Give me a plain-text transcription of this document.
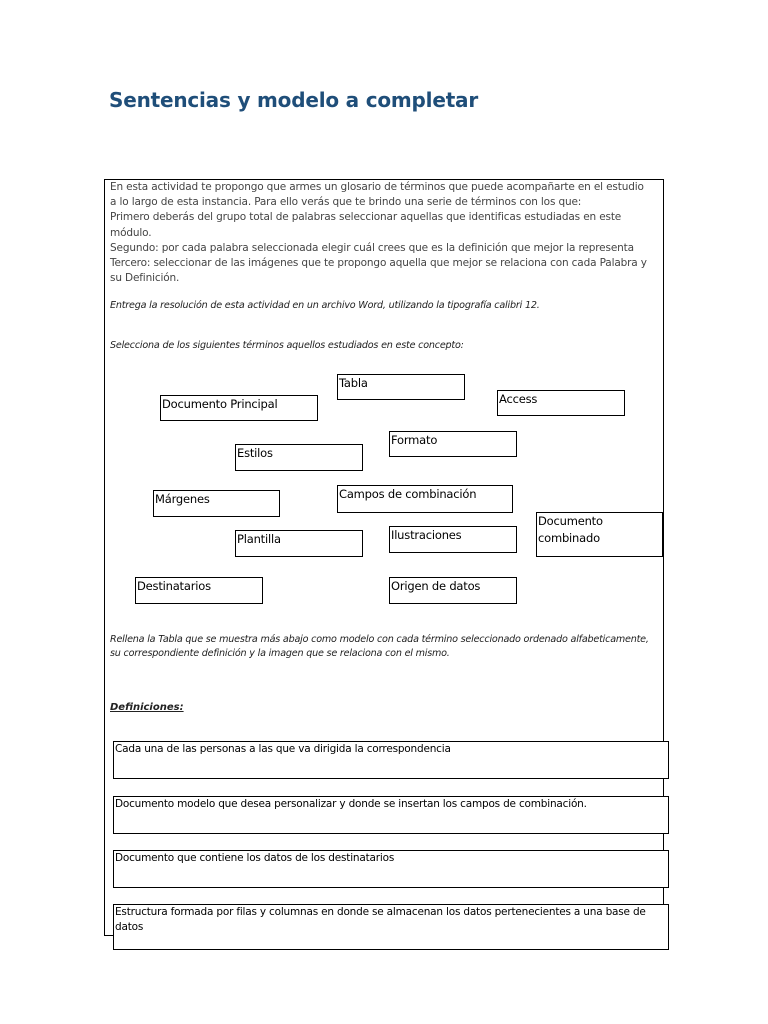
Sentencias y modelo a completar
En esta actividad te propongo que armes un glosario de términos que puede acompañarte en el estudio
a lo largo de esta instancia. Para ello verás que te brindo una serie de términos con los que:
Primero deberás del grupo total de palabras seleccionar aquellas que identificas estudiadas en este
módulo.
Segundo: por cada palabra seleccionada elegir cuál crees que es la definición que mejor la representa
Tercero: seleccionar de las imágenes que te propongo aquella que mejor se relaciona con cada Palabra y
su Definición.
Entrega la resolución de esta actividad en un archivo Word, utilizando la tipografía calibri 12.
Selecciona de los siguientes términos aquellos estudiados en este concepto:
Tabla
Access
Documento Principal
Formato
Estilos
Márgenes	Campos de combinación
Documento
combinado
Ilustraciones
Plantilla
Destinatarios	Origen de datos
Rellena la Tabla que se muestra más abajo como modelo con cada término seleccionado ordenado alfabeticamente,
su correspondiente definición y la imagen que se relaciona con el mismo.
Definiciones:
Cada una de las personas a las que va dirigida la correspondencia
Documento modelo que desea personalizar y donde se insertan los campos de combinación.
Documento que contiene los datos de los destinatarios
Estructura formada por filas y columnas en donde se almacenan los datos pertenecientes a una base de datos
